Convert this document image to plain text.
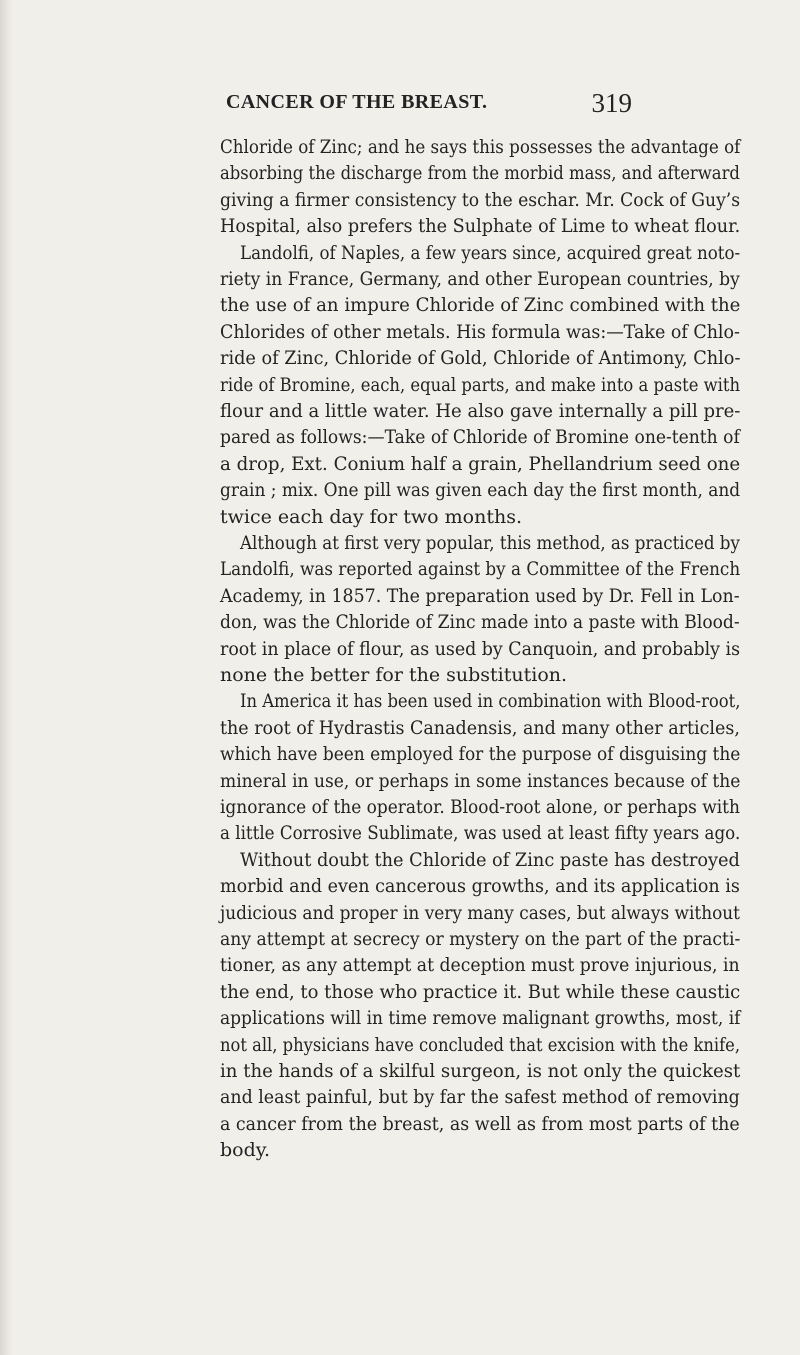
CANCER OF THE BREAST.	319
Chloride of Zinc; and he says this possesses the advantage of
absorbing the discharge from the morbid mass, and afterward
giving a firmer consistency to the eschar. Mr. Cock of Guy’s
Hospital, also prefers the Sulphate of Lime to wheat flour.
Landolfi, of Naples, a few years since, acquired great noto-
riety in France, Germany, and other European countries, by
the use of an impure Chloride of Zinc combined with the
Chlorides of other metals. His formula was:—Take of Chlo-
ride of Zinc, Chloride of Gold, Chloride of Antimony, Chlo-
ride of Bromine, each, equal parts, and make into a paste with
flour and a little water. He also gave internally a pill pre-
pared as follows:—Take of Chloride of Bromine one-tenth of
a drop, Ext. Conium half a grain, Phellandrium seed one
grain ; mix. One pill was given each day the first month, and
twice each day for two months.
Although at first very popular, this method, as practiced by
Landolfi, was reported against by a Committee of the French
Academy, in 1857. The preparation used by Dr. Fell in Lon-
don, was the Chloride of Zinc made into a paste with Blood-
root in place of flour, as used by Canquoin, and probably is
none the better for the substitution.
In America it has been used in combination with Blood-root,
the root of Hydrastis Canadensis, and many other articles,
which have been employed for the purpose of disguising the
mineral in use, or perhaps in some instances because of the
ignorance of the operator. Blood-root alone, or perhaps with
a little Corrosive Sublimate, was used at least fifty years ago.
Without doubt the Chloride of Zinc paste has destroyed
morbid and even cancerous growths, and its application is
judicious and proper in very many cases, but always without
any attempt at secrecy or mystery on the part of the practi-
tioner, as any attempt at deception must prove injurious, in
the end, to those who practice it. But while these caustic
applications will in time remove malignant growths, most, if
not all, physicians have concluded that excision with the knife,
in the hands of a skilful surgeon, is not only the quickest
and least painful, but by far the safest method of removing
a cancer from the breast, as well as from most parts of the
body.
